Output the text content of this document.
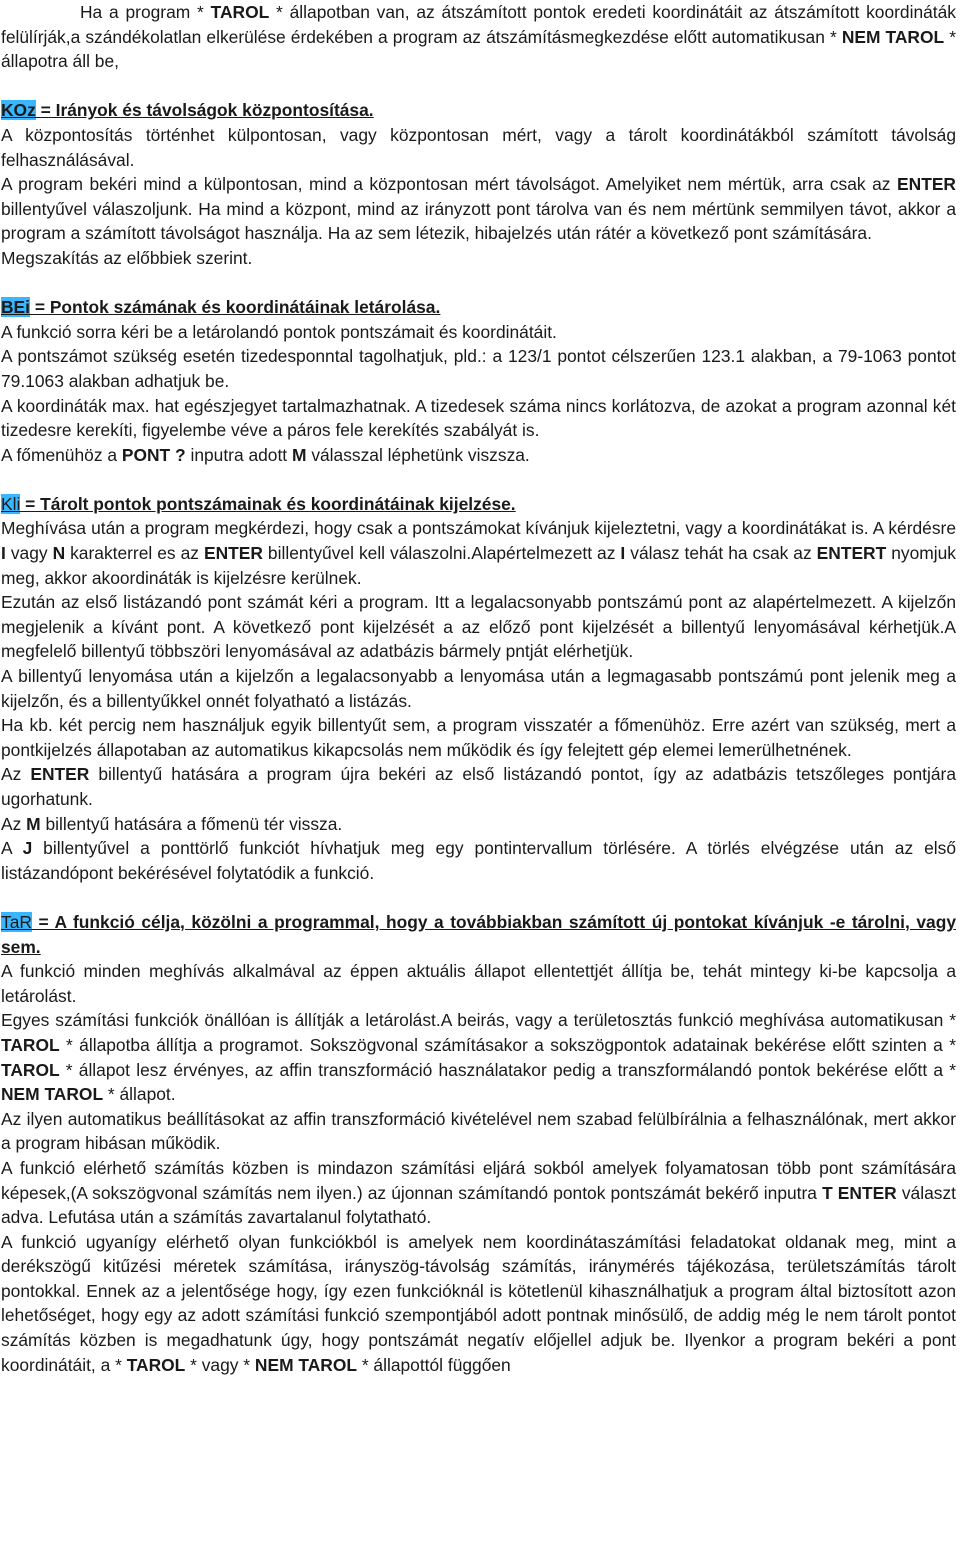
Ha a program * TAROL * állapotban van, az átszámított pontok eredeti koordinátáit az átszámított koordináták felülírják,a szándékolatlan elkerülése érdekében a program az átszámításmegkezdése előtt automatikusan * NEM TAROL * állapotra áll be,

KOz = Irányok és távolságok központosítása.

A központosítás történhet külpontosan, vagy központosan mért, vagy a tárolt koordinátákból számított távolság felhasználásával.

A program bekéri mind a külpontosan, mind a központosan mért távolságot. Amelyiket nem mértük, arra csak az ENTER billentyűvel válaszoljunk. Ha mind a központ, mind az irányzott pont tárolva van és nem mértünk semmilyen távot, akkor a program a számított távolságot használja. Ha az sem létezik, hibajelzés után rátér a következő pont számítására.

Megszakítás az előbbiek szerint.

BEi = Pontok számának és koordinátáinak letárolása.

A funkció sorra kéri be a letárolandó pontok pontszámait és koordinátáit.

A pontszámot szükség esetén tizedesponntal tagolhatjuk, pld.: a 123/1 pontot célszerűen 123.1 alakban, a 79-1063 pontot 79.1063 alakban adhatjuk be.

A koordináták max. hat egészjegyet tartalmazhatnak. A tizedesek száma nincs korlátozva, de azokat a program azonnal két tizedesre kerekíti, figyelembe véve a páros fele kerekítés szabályát is.

A főmenühöz a PONT ? inputra adott M válasszal léphetünk viszsza.

Kli = Tárolt pontok pontszámainak és koordinátáinak kijelzése.

Meghívása után a program megkérdezi, hogy csak a pontszámokat kívánjuk kijeleztetni, vagy a koordinátákat is. A kérdésre I vagy N karakterrel es az ENTER billentyűvel kell válaszolni.Alapértelmezett az I válasz tehát ha csak az ENTERT nyomjuk meg, akkor akoordináták is kijelzésre kerülnek.

Ezután az első listázandó pont számát kéri a program. Itt a legalacsonyabb pontszámú pont az alapértelmezett. A kijelzőn megjelenik a kívánt pont. A következő pont kijelzését a az előző pont kijelzését a billentyű lenyomásával kérhetjük.A megfelelő billentyű többszöri lenyomásával az adatbázis bármely pntját elérhetjük.

A billentyű lenyomása után a kijelzőn a legalacsonyabb a lenyomása után a legmagasabb pontszámú pont jelenik meg a kijelzőn, és a billentyűkkel onnét folyatható a listázás.

Ha kb. két percig nem használjuk egyik billentyűt sem, a program visszatér a főmenühöz. Erre azért van szükség, mert a pontkijelzés állapotaban az automatikus kikapcsolás nem működik és így felejtett gép elemei lemerülhetnének.

Az ENTER billentyű hatására a program újra bekéri az első listázandó pontot, így az adatbázis tetszőleges pontjára ugorhatunk.

Az M billentyű hatására a főmenü tér vissza.

A J billentyűvel a ponttörlő funkciót hívhatjuk meg egy pontintervallum törlésére. A törlés elvégzése után az első listázandópont bekérésével folytatódik a funkció.

TaR = A funkció célja, közölni a programmal, hogy a továbbiakban számított új pontokat kívánjuk -e tárolni, vagy sem.

A funkció minden meghívás alkalmával az éppen aktuális állapot ellentettjét állítja be, tehát mintegy ki-be kapcsolja a letárolást.

Egyes számítási funkciók önállóan is állítják a letárolást.A beirás, vagy a területosztás funkció meghívása automatikusan * TAROL * állapotba állítja a programot. Sokszögvonal számításakor a sokszögpontok adatainak bekérése előtt szinten a * TAROL * állapot lesz érvényes, az affin transzformáció használatakor pedig a transzformálandó pontok bekérése előtt a * NEM TAROL * állapot.

Az ilyen automatikus beállításokat az affin transzformáció kivételével nem szabad felülbírálnia a felhasználónak, mert akkor a program hibásan működik.

A funkció elérhető számítás közben is mindazon számítási eljárá sokból amelyek folyamatosan több pont számítására képesek,(A sokszögvonal számítás nem ilyen.) az újonnan számítandó pontok pontszámát bekérő inputra T ENTER választ adva. Lefutása után a számítás zavartalanul folytatható.

A funkció ugyanígy elérhető olyan funkciókból is amelyek nem koordinátaszámítási feladatokat oldanak meg, mint a derékszögű kitűzési méretek számítása, irányszög-távolság számítás, iránymérés tájékozása, területszámítás tárolt pontokkal. Ennek az a jelentősége hogy, így ezen funkcióknál is kötetlenül kihasználhatjuk a program által biztosított azon lehetőséget, hogy egy az adott számítási funkció szempontjából adott pontnak minősülő, de addig még le nem tárolt pontot számítás közben is megadhatunk úgy, hogy pontszámát negatív előjellel adjuk be. Ilyenkor a program bekéri a pont koordinátáit, a * TAROL * vagy * NEM TAROL * állapottól függően
